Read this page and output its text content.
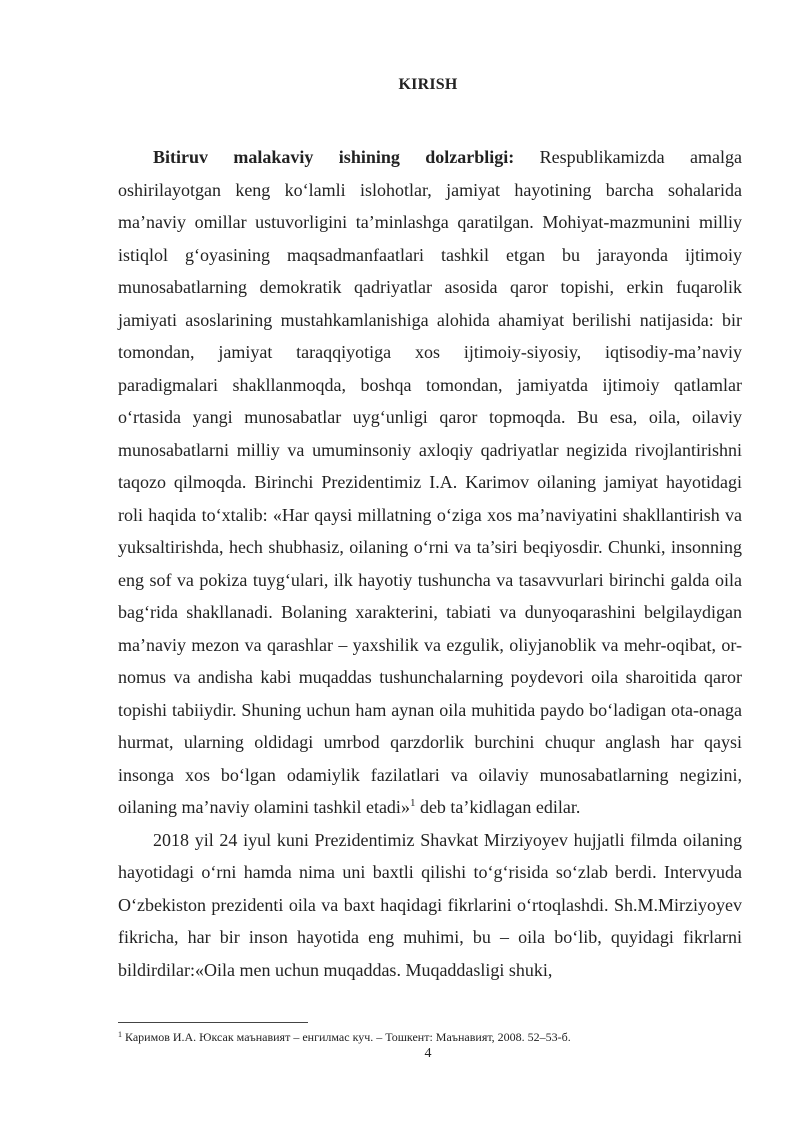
KIRISH

Bitiruv malakaviy ishining dolzarbligi: Respublikamizda amalga oshirilayotgan keng ko‘lamli islohotlar, jamiyat hayotining barcha sohalarida ma’naviy omillar ustuvorligini ta’minlashga qaratilgan. Mohiyat-mazmunini milliy istiqlol g‘oyasining maqsadmanfaatlari tashkil etgan bu jarayonda ijtimoiy munosabatlarning demokratik qadriyatlar asosida qaror topishi, erkin fuqarolik jamiyati asoslarining mustahkamlanishiga alohida ahamiyat berilishi natijasida: bir tomondan, jamiyat taraqqiyotiga xos ijtimoiy-siyosiy, iqtisodiy-ma’naviy paradigmalari shakllanmoqda, boshqa tomondan, jamiyatda ijtimoiy qatlamlar o‘rtasida yangi munosabatlar uyg‘unligi qaror topmoqda. Bu esa, oila, oilaviy munosabatlarni milliy va umuminsoniy axloqiy qadriyatlar negizida rivojlantirishni taqozo qilmoqda. Birinchi Prezidentimiz I.A. Karimov oilaning jamiyat hayotidagi roli haqida to‘xtalib: «Har qaysi millatning o‘ziga xos ma’naviyatini shakllantirish va yuksaltirishda, hech shubhasiz, oilaning o‘rni va ta’siri beqiyosdir. Chunki, insonning eng sof va pokiza tuyg‘ulari, ilk hayotiy tushuncha va tasavvurlari birinchi galda oila bag‘rida shakllanadi. Bolaning xarakterini, tabiati va dunyoqarashini belgilaydigan ma’naviy mezon va qarashlar – yaxshilik va ezgulik, oliyjanoblik va mehr-oqibat, or-nomus va andisha kabi muqaddas tushunchalarning poydevori oila sharoitida qaror topishi tabiiydir. Shuning uchun ham aynan oila muhitida paydo bo‘ladigan ota-onaga hurmat, ularning oldidagi umrbod qarzdorlik burchini chuqur anglash har qaysi insonga xos bo‘lgan odamiylik fazilatlari va oilaviy munosabatlarning negizini, oilaning ma’naviy olamini tashkil etadi»$^1$ deb ta’kidlagan edilar.

2018 yil 24 iyul kuni Prezidentimiz Shavkat Mirziyoyev hujjatli filmda oilaning hayotidagi o‘rni hamda nima uni baxtli qilishi to‘g‘risida so‘zlab berdi. Intervyuda O‘zbekiston prezidenti oila va baxt haqidagi fikrlarini o‘rtoqlashdi. Sh.M.Mirziyoyev fikricha, har bir inson hayotida eng muhimi, bu – oila bo‘lib, quyidagi fikrlarni bildirdilar:«Oila men uchun muqaddas. Muqaddasligi shuki,

$^1$ Каримов И.А. Юксак маънавият – енгилмас куч. – Тошкент: Маънавият, 2008. 52–53-б.
4
